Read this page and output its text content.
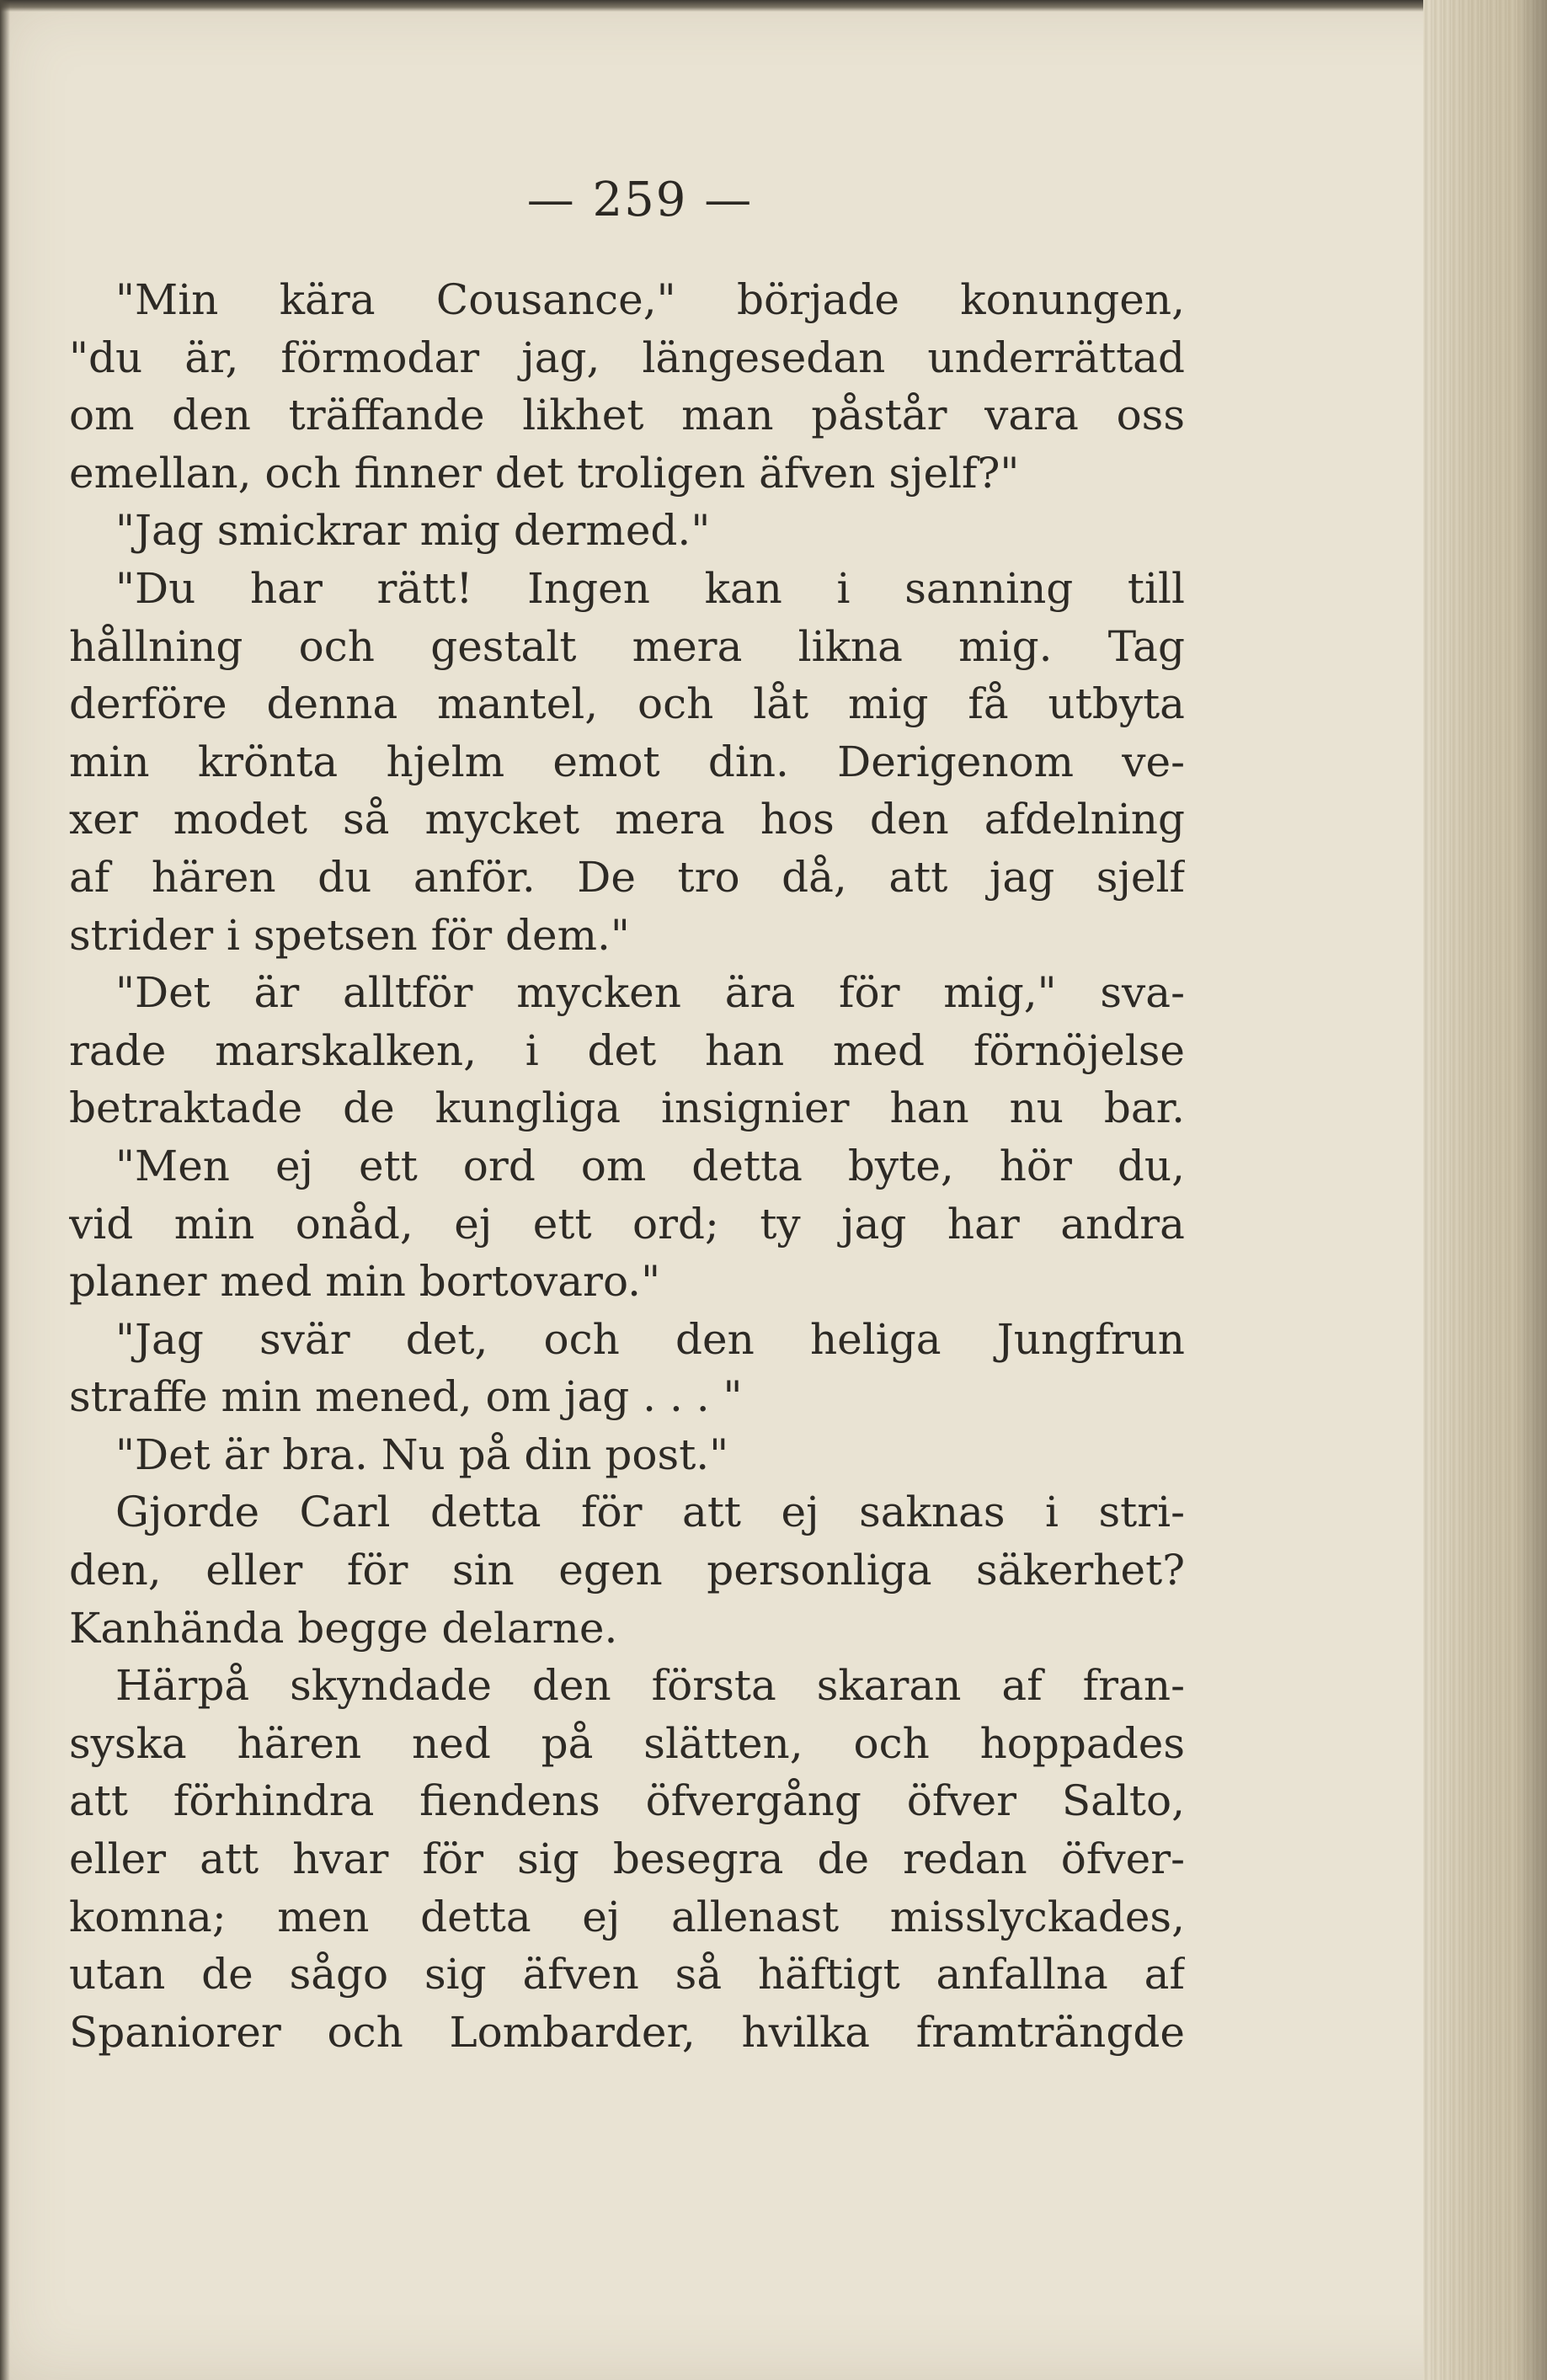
— 259 —
"Min kära Cousance," började konungen,
"du är, förmodar jag, längesedan underrättad
om den träffande likhet man påstår vara oss
emellan, och finner det troligen äfven sjelf?"
"Jag smickrar mig dermed."
"Du har rätt! Ingen kan i sanning till
hållning och gestalt mera likna mig. Tag
derföre denna mantel, och låt mig få utbyta
min krönta hjelm emot din. Derigenom ve-
xer modet så mycket mera hos den afdelning
af hären du anför. De tro då, att jag sjelf
strider i spetsen för dem."
"Det är alltför mycken ära för mig," sva-
rade marskalken, i det han med förnöjelse
betraktade de kungliga insignier han nu bar.
"Men ej ett ord om detta byte, hör du,
vid min onåd, ej ett ord; ty jag har andra
planer med min bortovaro."
"Jag svär det, och den heliga Jungfrun
straffe min mened, om jag . . . "
"Det är bra. Nu på din post."
Gjorde Carl detta för att ej saknas i stri-
den, eller för sin egen personliga säkerhet?
Kanhända begge delarne.
Härpå skyndade den första skaran af fran-
syska hären ned på slätten, och hoppades
att förhindra fiendens öfvergång öfver Salto,
eller att hvar för sig besegra de redan öfver-
komna; men detta ej allenast misslyckades,
utan de sågo sig äfven så häftigt anfallna af
Spaniorer och Lombarder, hvilka framträngde
